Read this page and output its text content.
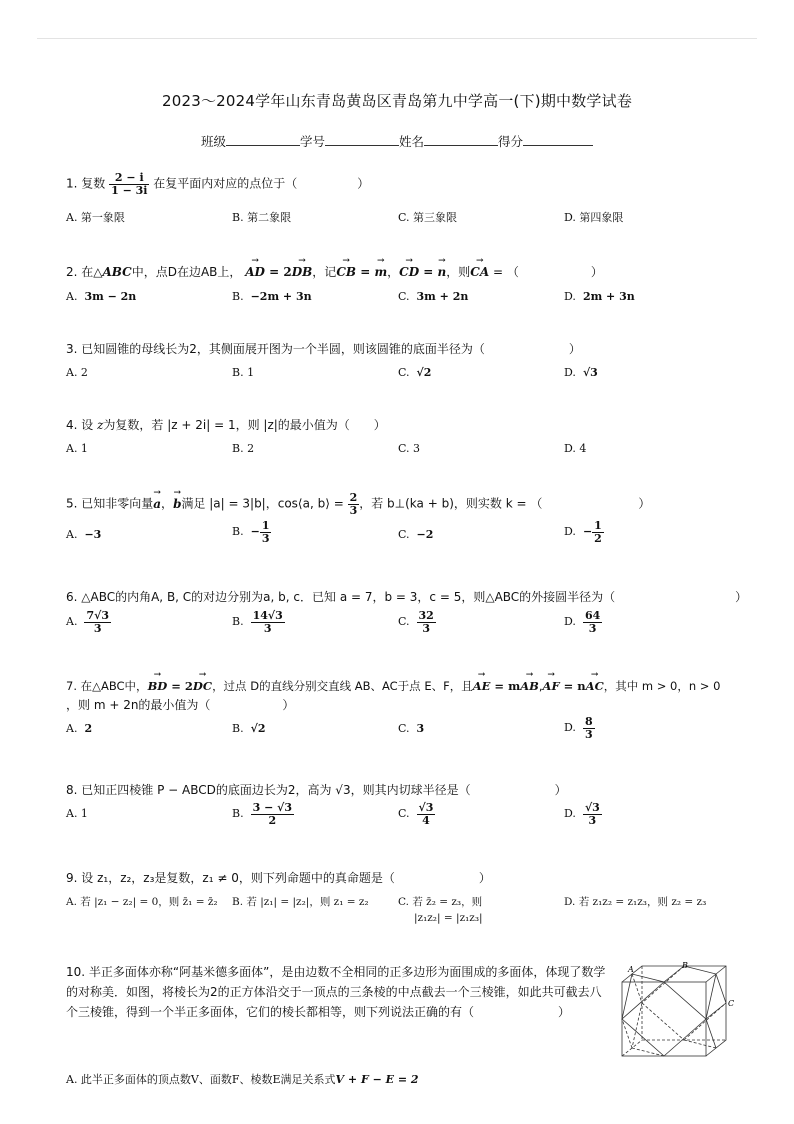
2023～2024学年山东青岛黄岛区青岛第九中学高一(下)期中数学试卷
班级	学号	姓名	得分
1. 复数 $\frac{2 - i}{1 - 3i}$ 在复平面内对应的点位于（　　　　　）
A. 第一象限	B. 第二象限	C. 第三象限	D. 第四象限
2. 在△ABC中，点D在边AB上， → AD = 2→ DB，记→ CB = → m，→ CD = → n，则→ CA = （　　　　　　）
A. 3m − 2n	B. −2m + 3n	C. 3m + 2n	D. 2m + 3n
3. 已知圆锥的母线长为2，其侧面展开图为一个半圆，则该圆锥的底面半径为（　　　　　　　）
A. 2	B. 1	C. √2	D. √3
4. 设 z为复数，若 |z + 2i| = 1，则 |z|的最小值为（　　）
A. 1	B. 2	C. 3	D. 4
5. 已知非零向量→ a，→ b满足 |a| = 3|b|，cos⟨a, b⟩ = $\frac{2}{3}$ ，若 b⊥(ka + b)，则实数 k = （　　　　　　　　）
A. −3	B. − $\frac{1}{3}$	C. −2	D. − $\frac{1}{2}$
6. △ABC的内角A, B, C的对边分别为a, b, c．已知 a = 7，b = 3，c = 5，则△ABC的外接圆半径为（　　　　　　　　　　）
A. $\frac{7√3}{3}$	B. $\frac{14√3}{3}$	C. $\frac{32}{3}$	D. $\frac{64}{3}$
7. 在△ABC中，→ BD = 2→ DC，过点 D的直线分别交直线 AB、AC于点 E、F，且→ AE = m→ AB,→ AF = n→ AC，其中 m > 0，n > 0
，则 m + 2n的最小值为（　　　　　　）
A. 2	B. √2	C. 3	D. $\frac{8}{3}$
8. 已知正四棱锥 P − ABCD的底面边长为2，高为 √3，则其内切球半径是（　　　　　　　）
A. 1	B. $\frac{3 - √3}{2}$	C. $\frac{√3}{4}$	D. $\frac{√3}{3}$
9. 设 z₁，z₂，z₃是复数，z₁ ≠ 0，则下列命题中的真命题是（　　　　　　　）
A. 若 |z₁ − z₂| = 0，则 z̄₁ = z̄₂ B. 若 |z₁| = |z₂|，则 z₁ = z₂	C. 若 z̄₂ = z₃，则
|z₁z₂| = |z₁z₃|
D. 若 z₁z₂ = z₁z₃，则 z₂ = z₃
10. 半正多面体亦称“阿基米德多面体”，是由边数不全相同的正多边形为面围成的多面体，体现了数学的对称美．如图，将棱长为2的正方体沿交于一顶点的三条棱的中点截去一个三棱锥，如此共可截去八个三棱锥，得到一个半正多面体，它们的棱长都相等，则下列说法正确的有（　　　　　　　）
A	B
C
A. 此半正多面体的顶点数V、面数F、棱数E满足关系式V + F − E = 2
